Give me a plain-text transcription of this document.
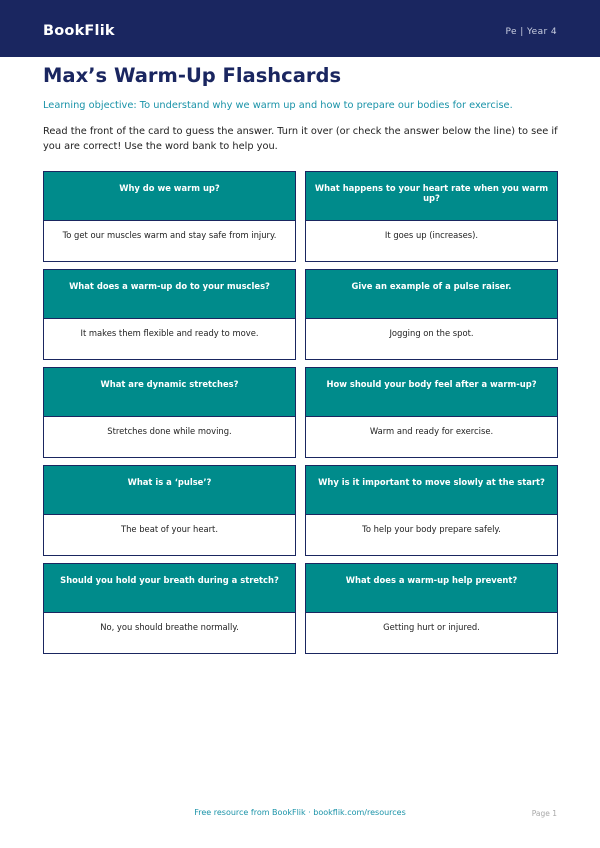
BookFlik	Pe | Year 4
Max’s Warm-Up Flashcards
Learning objective: To understand why we warm up and how to prepare our bodies for exercise.
Read the front of the card to guess the answer. Turn it over (or check the answer below the line) to see if you are correct! Use the word bank to help you.
Why do we warm up?
To get our muscles warm and stay safe from injury.
What happens to your heart rate when you warm up?
It goes up (increases).
What does a warm-up do to your muscles?
It makes them flexible and ready to move.
Give an example of a pulse raiser.
Jogging on the spot.
What are dynamic stretches?
Stretches done while moving.
How should your body feel after a warm-up?
Warm and ready for exercise.
What is a ‘pulse’?
The beat of your heart.
Why is it important to move slowly at the start?
To help your body prepare safely.
Should you hold your breath during a stretch?
No, you should breathe normally.
What does a warm-up help prevent?
Getting hurt or injured.
Free resource from BookFlik · bookflik.com/resources	Page 1
